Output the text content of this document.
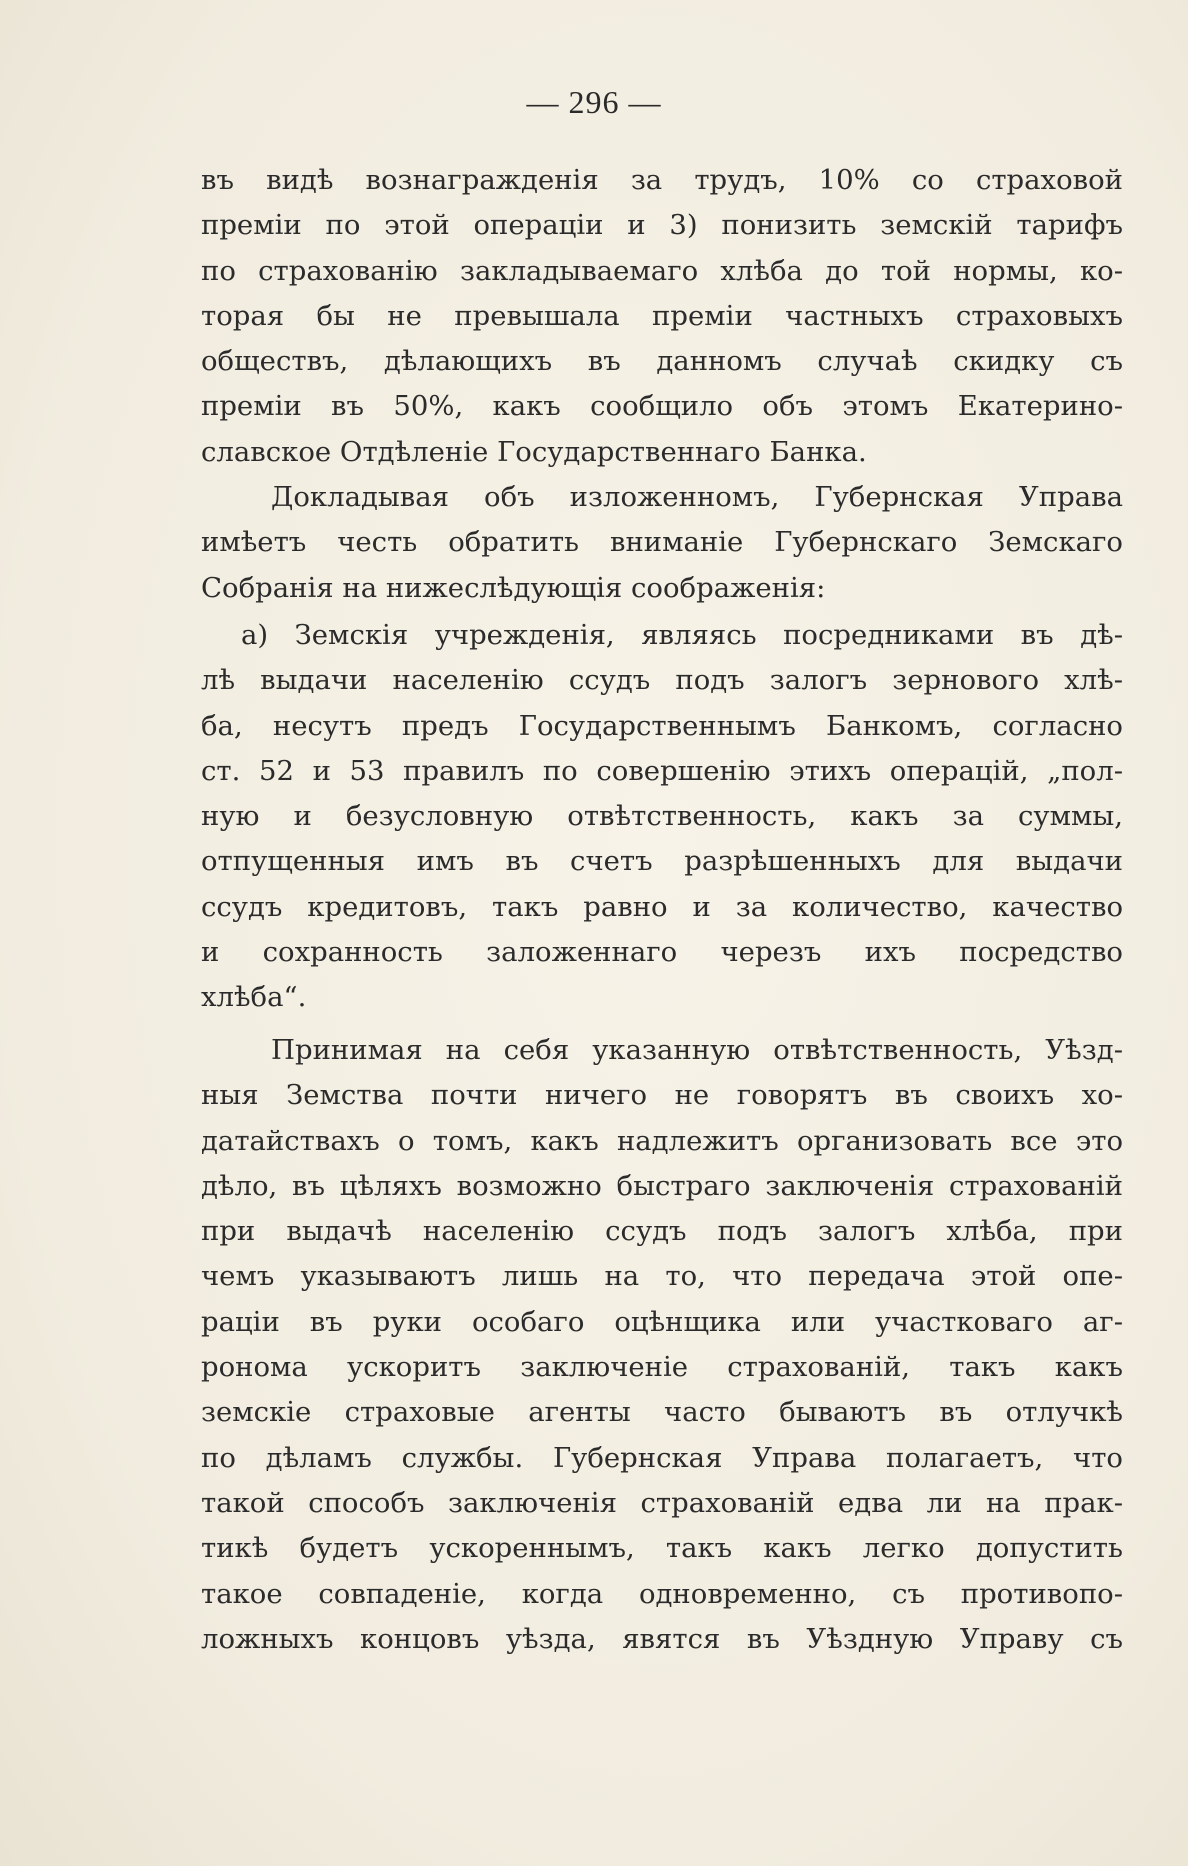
— 296 —
въ видѣ вознагражденія за трудъ, 10% со страховой
преміи по этой операціи и 3) понизить земскій тарифъ
по страхованію закладываемаго хлѣба до той нормы, ко-
торая бы не превышала преміи частныхъ страховыхъ
обществъ, дѣлающихъ въ данномъ случаѣ скидку съ
преміи въ 50%, какъ сообщило объ этомъ Екатерино-
славское Отдѣленіе Государственнаго Банка.
Докладывая объ изложенномъ, Губернская Управа
имѣетъ честь обратить вниманіе Губернскаго Земскаго
Собранія на нижеслѣдующія соображенія:
а) Земскія учрежденія, являясь посредниками въ дѣ-
лѣ выдачи населенію ссудъ подъ залогъ зернового хлѣ-
ба, несутъ предъ Государственнымъ Банкомъ, согласно
ст. 52 и 53 правилъ по совершенію этихъ операцій, „пол-
ную и безусловную отвѣтственность, какъ за суммы,
отпущенныя имъ въ счетъ разрѣшенныхъ для выдачи
ссудъ кредитовъ, такъ равно и за количество, качество
и сохранность заложеннаго черезъ ихъ посредство
хлѣба“.
Принимая на себя указанную отвѣтственность, Уѣзд-
ныя Земства почти ничего не говорятъ въ своихъ хо-
датайствахъ о томъ, какъ надлежитъ организовать все это
дѣло, въ цѣляхъ возможно быстраго заключенія страхованій
при выдачѣ населенію ссудъ подъ залогъ хлѣба, при
чемъ указываютъ лишь на то, что передача этой опе-
раціи въ руки особаго оцѣнщика или участковаго аг-
ронома ускоритъ заключеніе страхованій, такъ какъ
земскіе страховые агенты часто бываютъ въ отлучкѣ
по дѣламъ службы. Губернская Управа полагаетъ, что
такой способъ заключенія страхованій едва ли на прак-
тикѣ будетъ ускореннымъ, такъ какъ легко допустить
такое совпаденіе, когда одновременно, съ противопо-
ложныхъ концовъ уѣзда, явятся въ Уѣздную Управу съ
